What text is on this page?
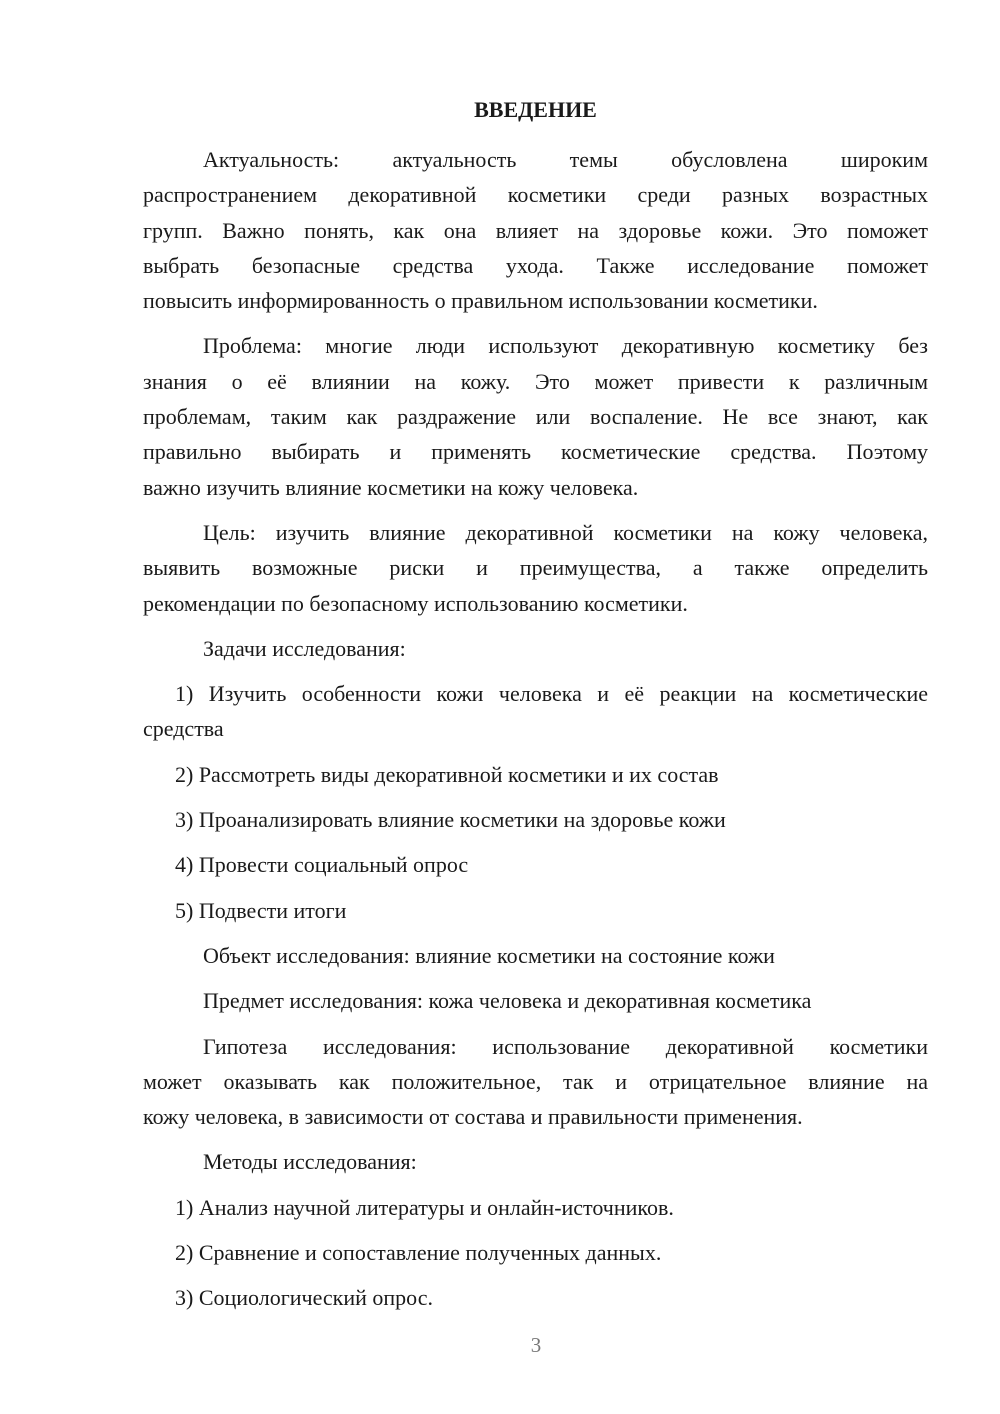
ВВЕДЕНИЕ
Актуальность: актуальность темы обусловлена широким
распространением декоративной косметики среди разных возрастных
групп. Важно понять, как она влияет на здоровье кожи. Это поможет
выбрать безопасные средства ухода. Также исследование поможет
повысить информированность о правильном использовании косметики.
Проблема: многие люди используют декоративную косметику без
знания о её влиянии на кожу. Это может привести к различным
проблемам, таким как раздражение или воспаление. Не все знают, как
правильно выбирать и применять косметические средства. Поэтому
важно изучить влияние косметики на кожу человека.
Цель: изучить влияние декоративной косметики на кожу человека,
выявить возможные риски и преимущества, а также определить
рекомендации по безопасному использованию косметики.
Задачи исследования:
1) Изучить особенности кожи человека и её реакции на косметические
средства
2) Рассмотреть виды декоративной косметики и их состав
3) Проанализировать влияние косметики на здоровье кожи
4) Провести социальный опрос
5) Подвести итоги
Объект исследования: влияние косметики на состояние кожи
Предмет исследования: кожа человека и декоративная косметика
Гипотеза исследования: использование декоративной косметики
может оказывать как положительное, так и отрицательное влияние на
кожу человека, в зависимости от состава и правильности применения.
Методы исследования:
1) Анализ научной литературы и онлайн-источников.
2) Сравнение и сопоставление полученных данных.
3) Социологический опрос.
3
